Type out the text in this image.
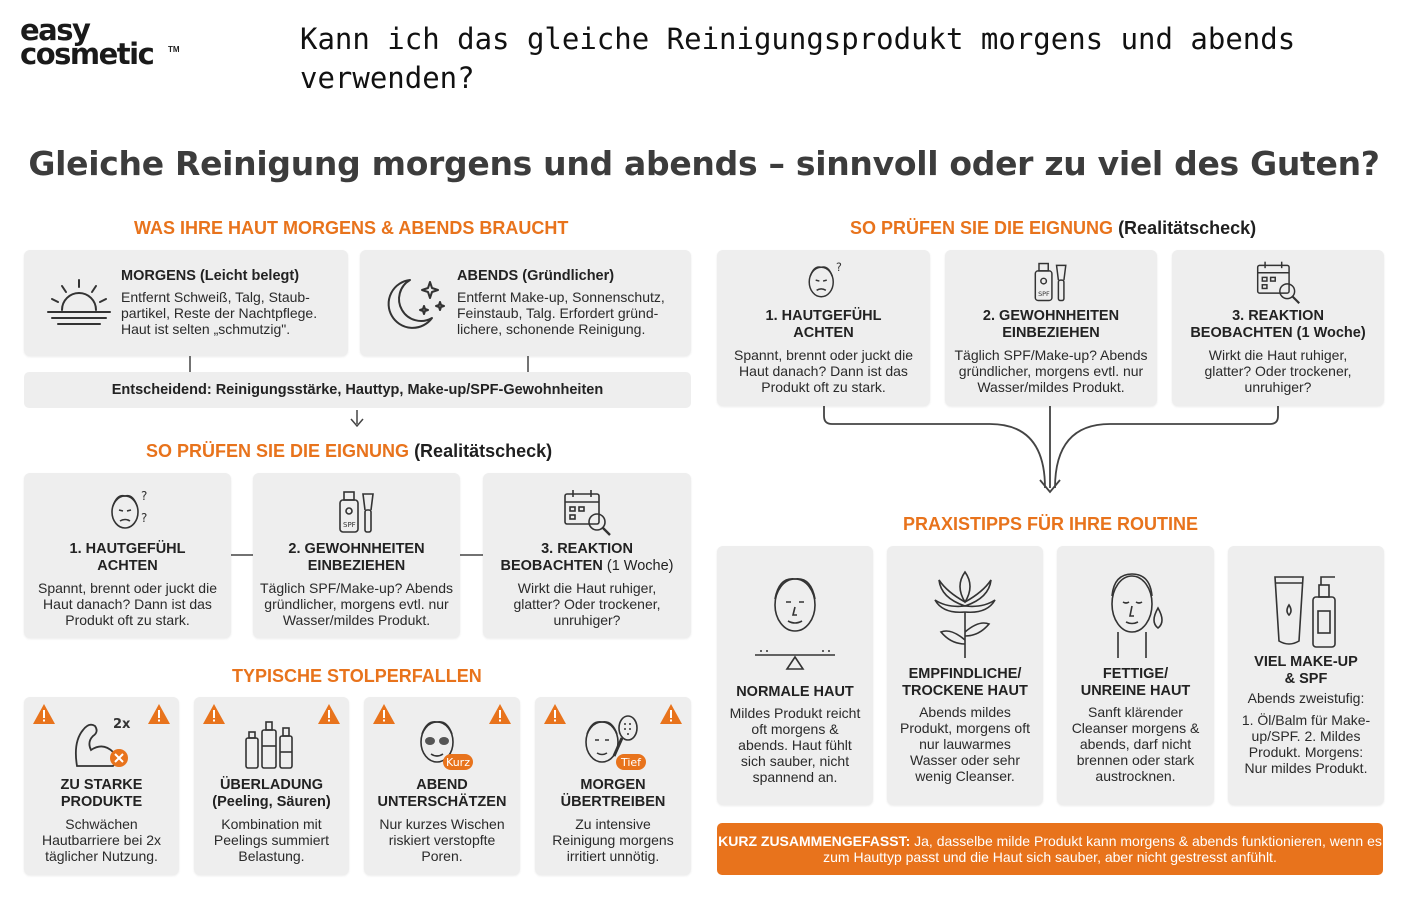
easy
cosmetic	TM	Kann ich das gleiche Reinigungsprodukt morgens und abends verwenden?
Gleiche Reinigung morgens und abends – sinnvoll oder zu viel des Guten?
WAS IHRE HAUT MORGENS & ABENDS BRAUCHT
MORGENS (Leicht belegt)
Entfernt Schweiß, Talg, Staub-partikel, Reste der Nachtpflege. Haut ist selten „schmutzig".
ABENDS (Gründlicher)
Entfernt Make-up, Sonnenschutz, Feinstaub, Talg. Erfordert gründ-lichere, schonende Reinigung.
Entscheidend: Reinigungsstärke, Hauttyp, Make-up/SPF-Gewohnheiten
SO PRÜFEN SIE DIE EIGNUNG (Realitätscheck)
?
?
1. HAUTGEFÜHL
ACHTEN
Spannt, brennt oder juckt die Haut danach? Dann ist das Produkt oft zu stark.
SPF
2. GEWOHNHEITEN
EINBEZIEHEN
Täglich SPF/Make-up? Abends gründlicher, morgens evtl. nur Wasser/mildes Produkt.
3. REAKTION
BEOBACHTEN (1 Woche)
Wirkt die Haut ruhiger, glatter? Oder trockener, unruhiger?
TYPISCHE STOLPERFALLEN
2x
ZU STARKE
PRODUKTE
Schwächen Hautbarriere bei 2x täglicher Nutzung.
ÜBERLADUNG
(Peeling, Säuren)
Kombination mit Peelings summiert Belastung.
Kurz
ABEND
UNTERSCHÄTZEN
Nur kurzes Wischen riskiert verstopfte Poren.
Tief
MORGEN
ÜBERTREIBEN
Zu intensive Reinigung morgens irritiert unnötig.
SO PRÜFEN SIE DIE EIGNUNG (Realitätscheck)
?
1. HAUTGEFÜHL
ACHTEN
Spannt, brennt oder juckt die Haut danach? Dann ist das Produkt oft zu stark.
SPF
2. GEWOHNHEITEN
EINBEZIEHEN
Täglich SPF/Make-up? Abends gründlicher, morgens evtl. nur Wasser/mildes Produkt.
3. REAKTION
BEOBACHTEN (1 Woche)
Wirkt die Haut ruhiger, glatter? Oder trockener, unruhiger?
PRAXISTIPPS FÜR IHRE ROUTINE
NORMALE HAUT
Mildes Produkt reicht oft morgens & abends. Haut fühlt sich sauber, nicht spannend an.
EMPFINDLICHE/
TROCKENE HAUT
Abends mildes Produkt, morgens oft nur lauwarmes Wasser oder sehr wenig Cleanser.
FETTIGE/
UNREINE HAUT
Sanft klärender Cleanser morgens & abends, darf nicht brennen oder stark austrocknen.
VIEL MAKE-UP
& SPF
Abends zweistufig:
1. Öl/Balm für Make-up/SPF. 2. Mildes Produkt. Morgens: Nur mildes Produkt.
KURZ ZUSAMMENGEFASST: Ja, dasselbe milde Produkt kann morgens & abends funktionieren, wenn es zum Hauttyp passt und die Haut sich sauber, aber nicht gestresst anfühlt.
